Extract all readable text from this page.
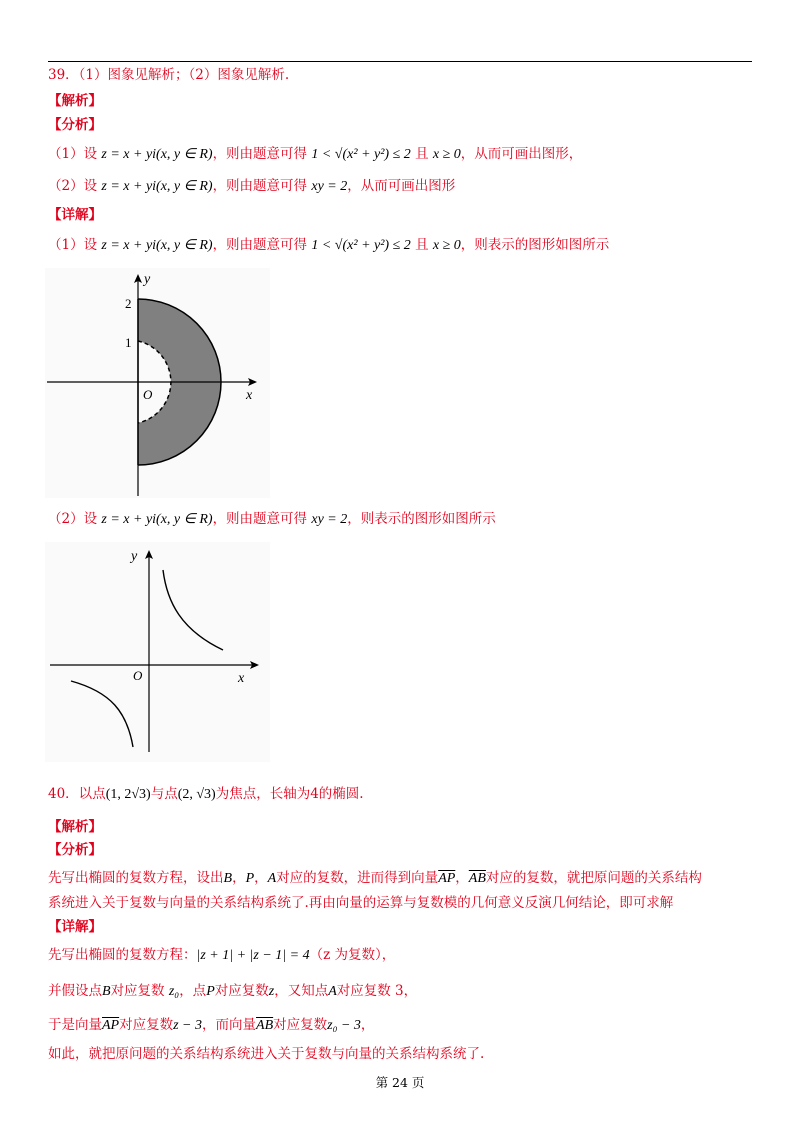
39．（1）图象见解析；（2）图象见解析.
【解析】
【分析】
（1）设 z = x + yi(x, y ∈ R)，则由题意可得 1 < √(x² + y²) ≤ 2 且 x ≥ 0，从而可画出图形，
（2）设 z = x + yi(x, y ∈ R)，则由题意可得 xy = 2，从而可画出图形
【详解】
（1）设 z = x + yi(x, y ∈ R)，则由题意可得 1 < √(x² + y²) ≤ 2 且 x ≥ 0，则表示的图形如图所示
y
x
O
2
1
（2）设 z = x + yi(x, y ∈ R)，则由题意可得 xy = 2，则表示的图形如图所示
y
x
O
40．以点(1, 2√3)与点(2, √3)为焦点，长轴为4的椭圆.
【解析】
【分析】
先写出椭圆的复数方程，设出B，P，A对应的复数，进而得到向量$\overline{AP}$，$\overline{AB}$对应的复数，就把原问题的关系结构
系统进入关于复数与向量的关系结构系统了.再由向量的运算与复数模的几何意义反演几何结论，即可求解
【详解】
先写出椭圆的复数方程：|z + 1| + |z − 1| = 4（z 为复数），
并假设点B对应复数 z₀，点P对应复数z，又知点A对应复数 3，
于是向量$\overline{AP}$对应复数z − 3，而向量$\overline{AB}$对应复数z₀ − 3，
如此，就把原问题的关系结构系统进入关于复数与向量的关系结构系统了.
第 24 页
